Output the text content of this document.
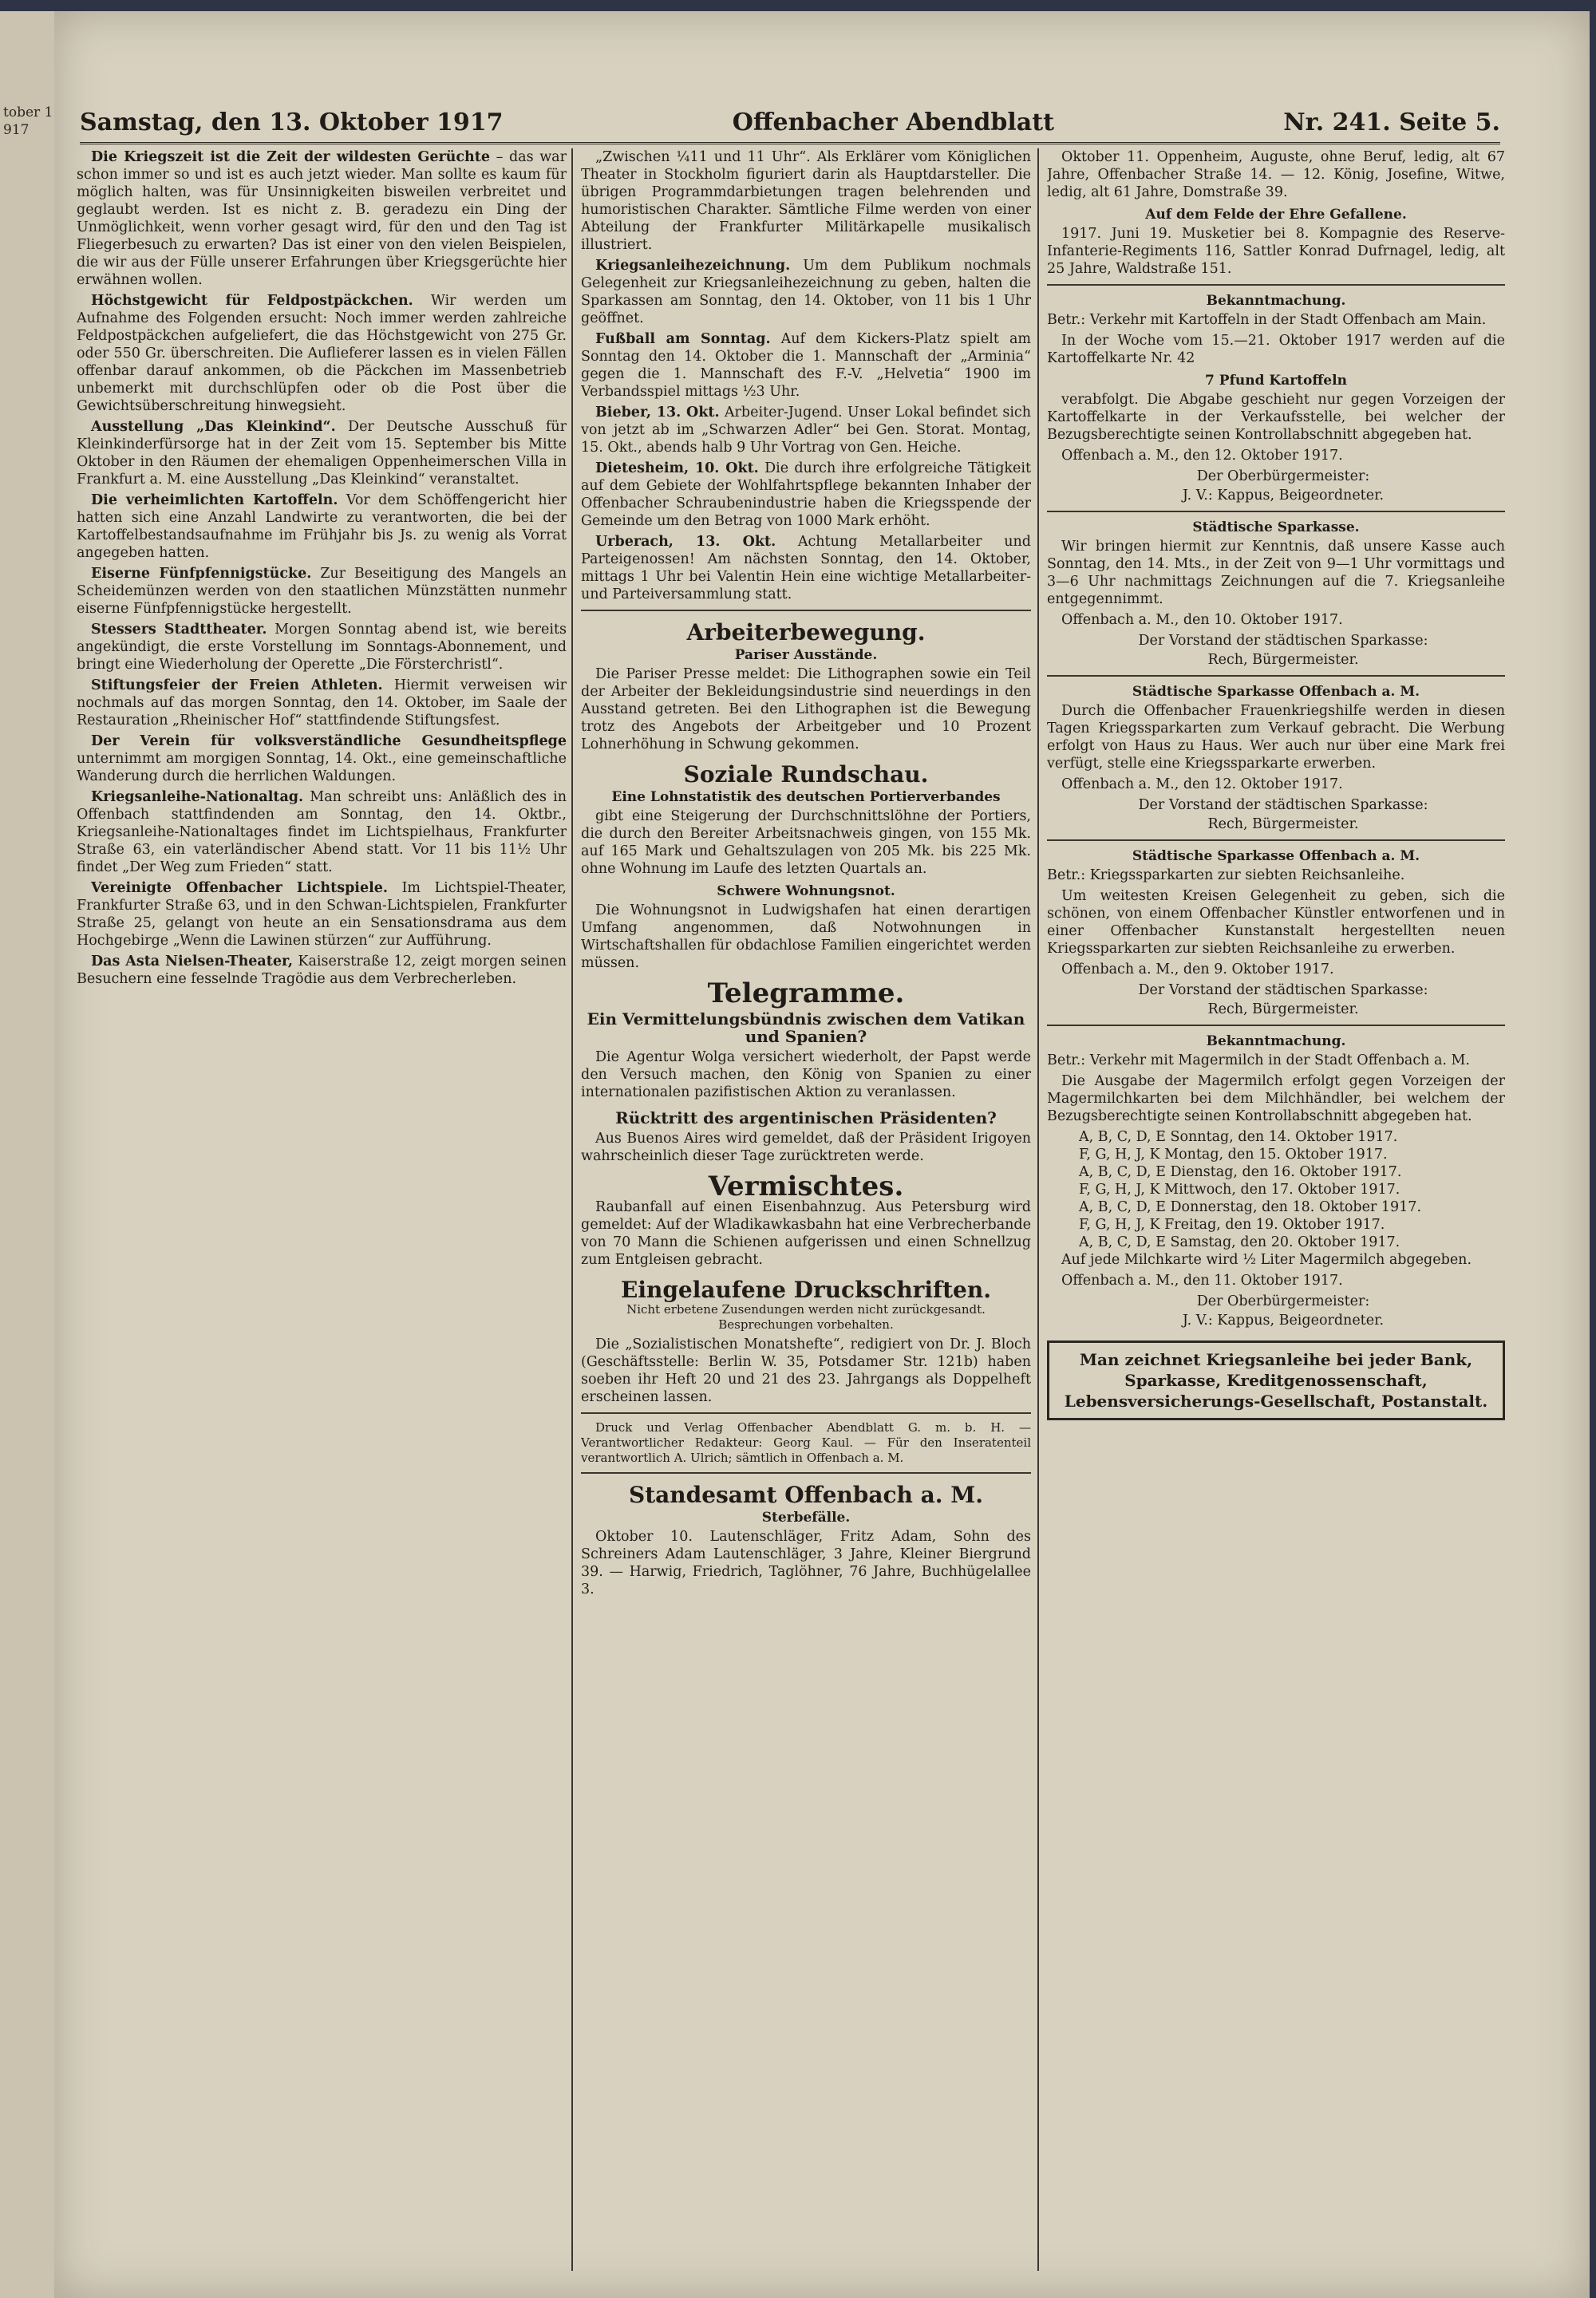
tober 1917	Samstag, den 13. Oktober 1917	Offenbacher Abendblatt	Nr. 241. Seite 5.

Die Kriegszeit ist die Zeit der wildesten Gerüchte – das war schon immer so und ist es auch jetzt wieder. Man sollte es kaum für möglich halten, was für Unsinnigkeiten bisweilen verbreitet und geglaubt werden. Ist es nicht z. B. geradezu ein Ding der Unmöglichkeit, wenn vorher gesagt wird, für den und den Tag ist Fliegerbesuch zu erwarten? Das ist einer von den vielen Beispielen, die wir aus der Fülle unserer Erfahrungen über Kriegsgerüchte hier erwähnen wollen.

Höchstgewicht für Feldpostpäckchen. Wir werden um Aufnahme des Folgenden ersucht: Noch immer werden zahlreiche Feldpostpäckchen aufgeliefert, die das Höchstgewicht von 275 Gr. oder 550 Gr. überschreiten. Die Auflieferer lassen es in vielen Fällen offenbar darauf ankommen, ob die Päckchen im Massenbetrieb unbemerkt mit durchschlüpfen oder ob die Post über die Gewichtsüberschreitung hinwegsieht.

Ausstellung „Das Kleinkind“. Der Deutsche Ausschuß für Kleinkinderfürsorge hat in der Zeit vom 15. September bis Mitte Oktober in den Räumen der ehemaligen Oppenheimerschen Villa in Frankfurt a. M. eine Ausstellung „Das Kleinkind“ veranstaltet.

Die verheimlichten Kartoffeln. Vor dem Schöffengericht hier hatten sich eine Anzahl Landwirte zu verantworten, die bei der Kartoffelbestandsaufnahme im Frühjahr bis Js. zu wenig als Vorrat angegeben hatten.

Eiserne Fünfpfennigstücke. Zur Beseitigung des Mangels an Scheidemünzen werden von den staatlichen Münzstätten nunmehr eiserne Fünfpfennigstücke hergestellt.

Stessers Stadttheater. Morgen Sonntag abend ist, wie bereits angekündigt, die erste Vorstellung im Sonntags-Abonnement, und bringt eine Wiederholung der Operette „Die Försterchristl“.

Stiftungsfeier der Freien Athleten. Hiermit verweisen wir nochmals auf das morgen Sonntag, den 14. Oktober, im Saale der Restauration „Rheinischer Hof“ stattfindende Stiftungsfest.

Der Verein für volksverständliche Gesundheitspflege unternimmt am morgigen Sonntag, 14. Okt., eine gemeinschaftliche Wanderung durch die herrlichen Waldungen.

Kriegsanleihe-Nationaltag. Man schreibt uns: Anläßlich des in Offenbach stattfindenden am Sonntag, den 14. Oktbr., Kriegsanleihe-Nationaltages findet im Lichtspielhaus, Frankfurter Straße 63, ein vaterländischer Abend statt. Vor 11 bis 11½ Uhr findet „Der Weg zum Frieden“ statt.

Vereinigte Offenbacher Lichtspiele. Im Lichtspiel-Theater, Frankfurter Straße 63, und in den Schwan-Lichtspielen, Frankfurter Straße 25, gelangt von heute an ein Sensationsdrama aus dem Hochgebirge „Wenn die Lawinen stürzen“ zur Aufführung.

Das Asta Nielsen-Theater, Kaiserstraße 12, zeigt morgen seinen Besuchern eine fesselnde Tragödie aus dem Verbrecherleben.

„Zwischen ¼11 und 11 Uhr“. Als Erklärer vom Königlichen Theater in Stockholm figuriert darin als Hauptdarsteller. Die übrigen Programmdarbietungen tragen belehrenden und humoristischen Charakter. Sämtliche Filme werden von einer Abteilung der Frankfurter Militärkapelle musikalisch illustriert.

Kriegsanleihezeichnung. Um dem Publikum nochmals Gelegenheit zur Kriegsanleihezeichnung zu geben, halten die Sparkassen am Sonntag, den 14. Oktober, von 11 bis 1 Uhr geöffnet.

Fußball am Sonntag. Auf dem Kickers-Platz spielt am Sonntag den 14. Oktober die 1. Mannschaft der „Arminia“ gegen die 1. Mannschaft des F.-V. „Helvetia“ 1900 im Verbandsspiel mittags ½3 Uhr.

Bieber, 13. Okt. Arbeiter-Jugend. Unser Lokal befindet sich von jetzt ab im „Schwarzen Adler“ bei Gen. Storat. Montag, 15. Okt., abends halb 9 Uhr Vortrag von Gen. Heiche.

Dietesheim, 10. Okt. Die durch ihre erfolgreiche Tätigkeit auf dem Gebiete der Wohlfahrtspflege bekannten Inhaber der Offenbacher Schraubenindustrie haben die Kriegsspende der Gemeinde um den Betrag von 1000 Mark erhöht.

Urberach, 13. Okt. Achtung Metallarbeiter und Parteigenossen! Am nächsten Sonntag, den 14. Oktober, mittags 1 Uhr bei Valentin Hein eine wichtige Metallarbeiter- und Parteiversammlung statt.

Arbeiterbewegung.
Pariser Ausstände.

Die Pariser Presse meldet: Die Lithographen sowie ein Teil der Arbeiter der Bekleidungsindustrie sind neuerdings in den Ausstand getreten. Bei den Lithographen ist die Bewegung trotz des Angebots der Arbeitgeber und 10 Prozent Lohnerhöhung in Schwung gekommen.

Soziale Rundschau.
Eine Lohnstatistik des deutschen Portierverbandes

gibt eine Steigerung der Durchschnittslöhne der Portiers, die durch den Bereiter Arbeitsnachweis gingen, von 155 Mk. auf 165 Mark und Gehaltszulagen von 205 Mk. bis 225 Mk. ohne Wohnung im Laufe des letzten Quartals an.

Schwere Wohnungsnot.

Die Wohnungsnot in Ludwigshafen hat einen derartigen Umfang angenommen, daß Notwohnungen in Wirtschaftshallen für obdachlose Familien eingerichtet werden müssen.

Telegramme.
Ein Vermittelungsbündnis zwischen dem Vatikan und Spanien?

Die Agentur Wolga versichert wiederholt, der Papst werde den Versuch machen, den König von Spanien zu einer internationalen pazifistischen Aktion zu veranlassen.

Rücktritt des argentinischen Präsidenten?

Aus Buenos Aires wird gemeldet, daß der Präsident Irigoyen wahrscheinlich dieser Tage zurücktreten werde.

Vermischtes.

Raubanfall auf einen Eisenbahnzug. Aus Petersburg wird gemeldet: Auf der Wladikawkasbahn hat eine Verbrecherbande von 70 Mann die Schienen aufgerissen und einen Schnellzug zum Entgleisen gebracht.

Eingelaufene Druckschriften.

Nicht erbetene Zusendungen werden nicht zurückgesandt. Besprechungen vorbehalten.

Die „Sozialistischen Monatshefte“, redigiert von Dr. J. Bloch (Geschäftsstelle: Berlin W. 35, Potsdamer Str. 121b) haben soeben ihr Heft 20 und 21 des 23. Jahrgangs als Doppelheft erscheinen lassen.

Druck und Verlag Offenbacher Abendblatt G. m. b. H. — Verantwortlicher Redakteur: Georg Kaul. — Für den Inseratenteil verantwortlich A. Ulrich; sämtlich in Offenbach a. M.

Standesamt Offenbach a. M.
Sterbefälle.

Oktober 10. Lautenschläger, Fritz Adam, Sohn des Schreiners Adam Lautenschläger, 3 Jahre, Kleiner Biergrund 39. — Harwig, Friedrich, Taglöhner, 76 Jahre, Buchhügelallee 3.

Oktober 11. Oppenheim, Auguste, ohne Beruf, ledig, alt 67 Jahre, Offenbacher Straße 14. — 12. König, Josefine, Witwe, ledig, alt 61 Jahre, Domstraße 39.

Auf dem Felde der Ehre Gefallene.

1917. Juni 19. Musketier bei 8. Kompagnie des Reserve-Infanterie-Regiments 116, Sattler Konrad Dufrnagel, ledig, alt 25 Jahre, Waldstraße 151.

Bekanntmachung.

Betr.: Verkehr mit Kartoffeln in der Stadt Offenbach am Main.

In der Woche vom 15.—21. Oktober 1917 werden auf die Kartoffelkarte Nr. 42

7 Pfund Kartoffeln

verabfolgt. Die Abgabe geschieht nur gegen Vorzeigen der Kartoffelkarte in der Verkaufsstelle, bei welcher der Bezugsberechtigte seinen Kontrollabschnitt abgegeben hat.

Offenbach a. M., den 12. Oktober 1917.

Der Oberbürgermeister:

J. V.: Kappus, Beigeordneter.

Städtische Sparkasse.

Wir bringen hiermit zur Kenntnis, daß unsere Kasse auch Sonntag, den 14. Mts., in der Zeit von 9—1 Uhr vormittags und 3—6 Uhr nachmittags Zeichnungen auf die 7. Kriegsanleihe entgegennimmt.

Offenbach a. M., den 10. Oktober 1917.

Der Vorstand der städtischen Sparkasse:

Rech, Bürgermeister.

Städtische Sparkasse Offenbach a. M.

Durch die Offenbacher Frauenkriegshilfe werden in diesen Tagen Kriegssparkarten zum Verkauf gebracht. Die Werbung erfolgt von Haus zu Haus. Wer auch nur über eine Mark frei verfügt, stelle eine Kriegssparkarte erwerben.

Offenbach a. M., den 12. Oktober 1917.

Der Vorstand der städtischen Sparkasse:

Rech, Bürgermeister.

Städtische Sparkasse Offenbach a. M.

Betr.: Kriegssparkarten zur siebten Reichsanleihe.

Um weitesten Kreisen Gelegenheit zu geben, sich die schönen, von einem Offenbacher Künstler entworfenen und in einer Offenbacher Kunstanstalt hergestellten neuen Kriegssparkarten zur siebten Reichsanleihe zu erwerben.

Offenbach a. M., den 9. Oktober 1917.

Der Vorstand der städtischen Sparkasse:

Rech, Bürgermeister.

Bekanntmachung.

Betr.: Verkehr mit Magermilch in der Stadt Offenbach a. M.

Die Ausgabe der Magermilch erfolgt gegen Vorzeigen der Magermilchkarten bei dem Milchhändler, bei welchem der Bezugsberechtigte seinen Kontrollabschnitt abgegeben hat.

A, B, C, D, E Sonntag, den 14. Oktober 1917.

F, G, H, J, K Montag, den 15. Oktober 1917.

A, B, C, D, E Dienstag, den 16. Oktober 1917.

F, G, H, J, K Mittwoch, den 17. Oktober 1917.

A, B, C, D, E Donnerstag, den 18. Oktober 1917.

F, G, H, J, K Freitag, den 19. Oktober 1917.

A, B, C, D, E Samstag, den 20. Oktober 1917.

Auf jede Milchkarte wird ½ Liter Magermilch abgegeben.

Offenbach a. M., den 11. Oktober 1917.

Der Oberbürgermeister:

J. V.: Kappus, Beigeordneter.

Man zeichnet Kriegsanleihe bei jeder Bank, Sparkasse, Kreditgenossenschaft, Lebensversicherungs-Gesellschaft, Postanstalt.
